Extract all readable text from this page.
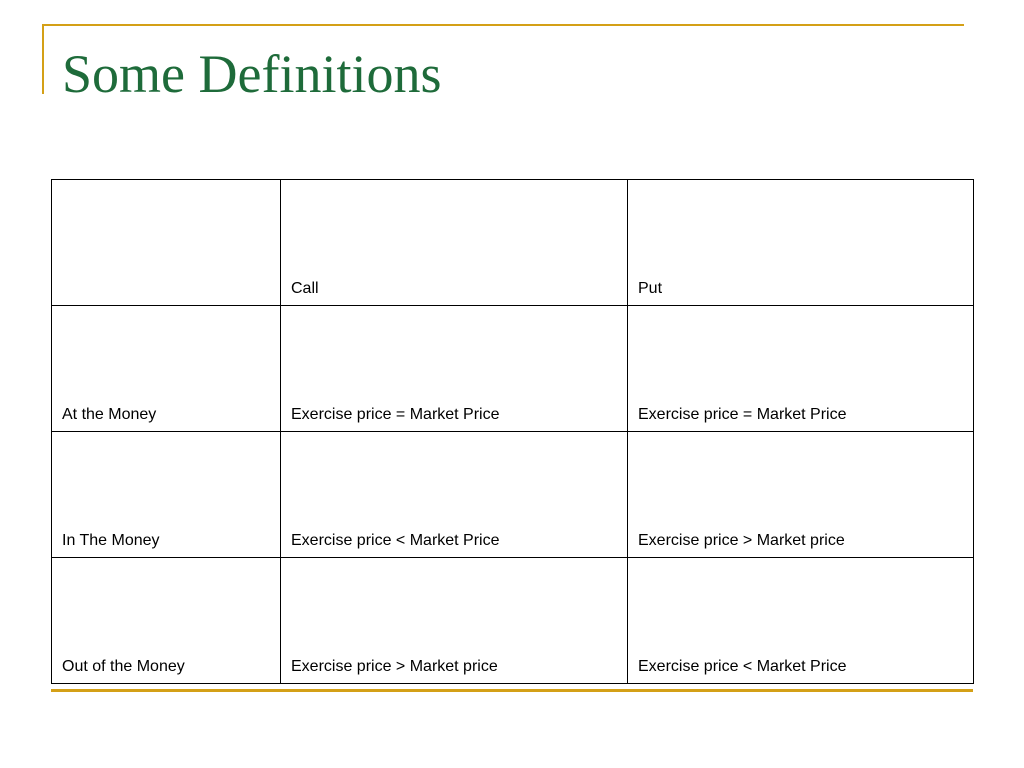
Some Definitions
	Call	Put
At the Money	Exercise price = Market Price	Exercise price = Market Price
In The Money	Exercise price < Market Price	Exercise price > Market price
Out of the Money	Exercise price > Market price	Exercise price < Market Price
